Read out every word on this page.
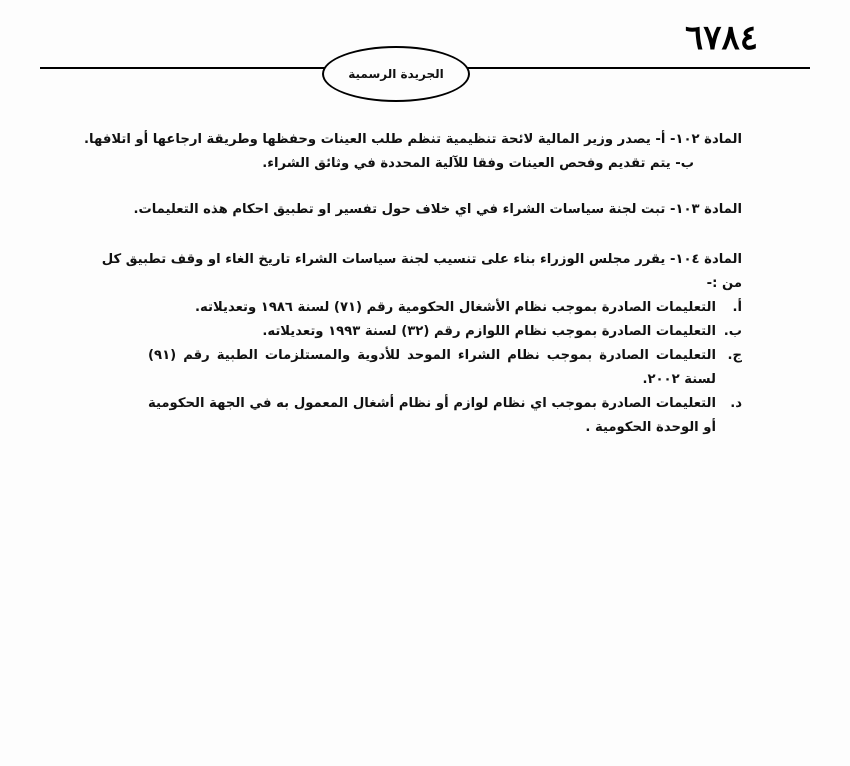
٦٧٨٤
الجريدة الرسمية

المادة ١٠٢- أ- يصدر وزير المالية لائحة تنظيمية تنظم طلب العينات وحفظها وطريقة ارجاعها أو اتلافها.

ب- يتم تقديم وفحص العينات وفقا للآلية المحددة في وثائق الشراء.

المادة ١٠٣- تبت لجنة سياسات الشراء في اي خلاف حول تفسير او تطبيق احكام هذه التعليمات.

المادة ١٠٤- يقرر مجلس الوزراء بناء على تنسيب لجنة سياسات الشراء تاريخ الغاء او وقف تطبيق كل من :-

أ.
التعليمات الصادرة بموجب نظام الأشغال الحكومية رقم (٧١) لسنة ١٩٨٦ وتعديلاته.
ب.
التعليمات الصادرة بموجب نظام اللوازم رقم (٣٢) لسنة ١٩٩٣ وتعديلاته.
ج.
التعليمات الصادرة بموجب نظام الشراء الموحد للأدوية والمستلزمات الطبية رقم (٩١) لسنة ٢٠٠٢.
د.
التعليمات الصادرة بموجب اي نظام لوازم أو نظام أشغال المعمول به في الجهة الحكومية أو الوحدة الحكومية .
